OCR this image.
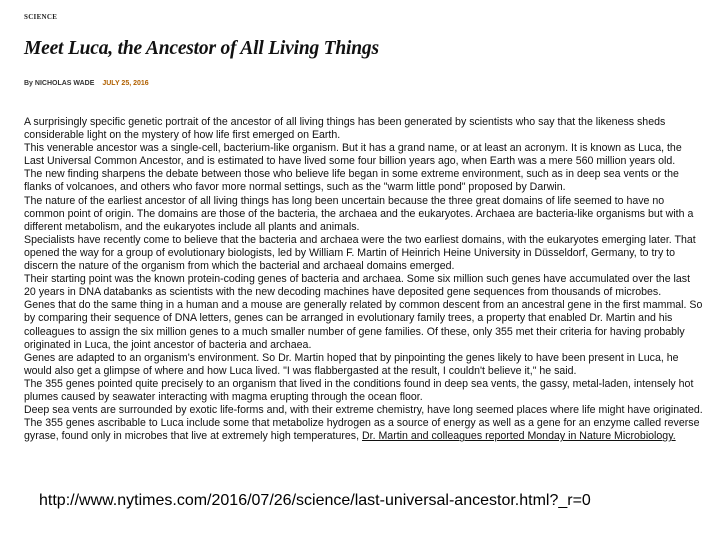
SCIENCE
Meet Luca, the Ancestor of All Living Things
By NICHOLAS WADE JULY 25, 2016

A surprisingly specific genetic portrait of the ancestor of all living things has been generated by scientists who say that the likeness sheds considerable light on the mystery of how life first emerged on Earth.

This venerable ancestor was a single-cell, bacterium-like organism. But it has a grand name, or at least an acronym. It is known as Luca, the Last Universal Common Ancestor, and is estimated to have lived some four billion years ago, when Earth was a mere 560 million years old.

The new finding sharpens the debate between those who believe life began in some extreme environment, such as in deep sea vents or the flanks of volcanoes, and others who favor more normal settings, such as the "warm little pond" proposed by Darwin.

The nature of the earliest ancestor of all living things has long been uncertain because the three great domains of life seemed to have no common point of origin. The domains are those of the bacteria, the archaea and the eukaryotes. Archaea are bacteria-like organisms but with a different metabolism, and the eukaryotes include all plants and animals.

Specialists have recently come to believe that the bacteria and archaea were the two earliest domains, with the eukaryotes emerging later. That opened the way for a group of evolutionary biologists, led by William F. Martin of Heinrich Heine University in Düsseldorf, Germany, to try to discern the nature of the organism from which the bacterial and archaeal domains emerged.

Their starting point was the known protein-coding genes of bacteria and archaea. Some six million such genes have accumulated over the last 20 years in DNA databanks as scientists with the new decoding machines have deposited gene sequences from thousands of microbes.

Genes that do the same thing in a human and a mouse are generally related by common descent from an ancestral gene in the first mammal. So by comparing their sequence of DNA letters, genes can be arranged in evolutionary family trees, a property that enabled Dr. Martin and his colleagues to assign the six million genes to a much smaller number of gene families. Of these, only 355 met their criteria for having probably originated in Luca, the joint ancestor of bacteria and archaea.

Genes are adapted to an organism's environment. So Dr. Martin hoped that by pinpointing the genes likely to have been present in Luca, he would also get a glimpse of where and how Luca lived. "I was flabbergasted at the result, I couldn't believe it," he said.

The 355 genes pointed quite precisely to an organism that lived in the conditions found in deep sea vents, the gassy, metal-laden, intensely hot plumes caused by seawater interacting with magma erupting through the ocean floor.

Deep sea vents are surrounded by exotic life-forms and, with their extreme chemistry, have long seemed places where life might have originated. The 355 genes ascribable to Luca include some that metabolize hydrogen as a source of energy as well as a gene for an enzyme called reverse gyrase, found only in microbes that live at extremely high temperatures, Dr. Martin and colleagues reported Monday in Nature Microbiology.

http://www.nytimes.com/2016/07/26/science/last-universal-ancestor.html?_r=0
